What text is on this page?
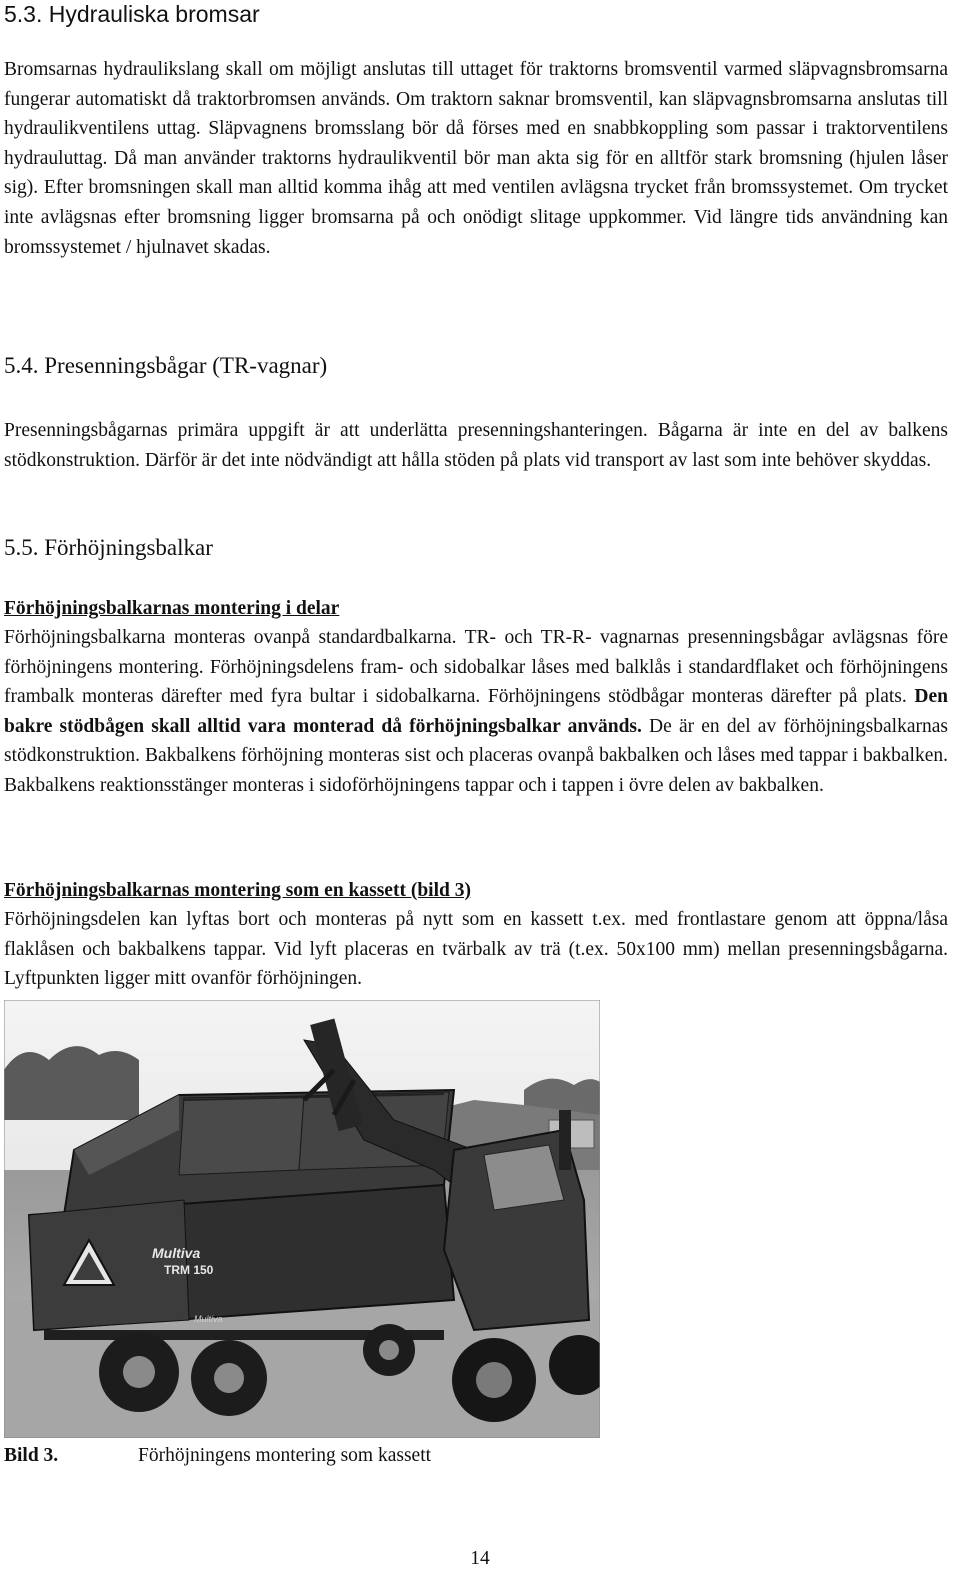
5.3. Hydrauliska bromsar

Bromsarnas hydraulikslang skall om möjligt anslutas till uttaget för traktorns bromsventil varmed släpvagnsbromsarna fungerar automatiskt då traktorbromsen används. Om traktorn saknar bromsventil, kan släpvagnsbromsarna anslutas till hydraulikventilens uttag. Släpvagnens bromsslang bör då förses med en snabbkoppling som passar i traktorventilens hydrauluttag. Då man använder traktorns hydraulikventil bör man akta sig för en alltför stark bromsning (hjulen låser sig). Efter bromsningen skall man alltid komma ihåg att med ventilen avlägsna trycket från bromssystemet. Om trycket inte avlägsnas efter bromsning ligger bromsarna på och onödigt slitage uppkommer. Vid längre tids användning kan bromssystemet / hjulnavet skadas.

5.4. Presenningsbågar (TR-vagnar)

Presenningsbågarnas primära uppgift är att underlätta presenningshanteringen. Bågarna är inte en del av balkens stödkonstruktion. Därför är det inte nödvändigt att hålla stöden på plats vid transport av last som inte behöver skyddas.

5.5. Förhöjningsbalkar
Förhöjningsbalkarnas montering i delar

Förhöjningsbalkarna monteras ovanpå standardbalkarna. TR- och TR-R- vagnarnas presenningsbågar avlägsnas före förhöjningens montering. Förhöjningsdelens fram- och sidobalkar låses med balklås i standardflaket och förhöjningens frambalk monteras därefter med fyra bultar i sidobalkarna. Förhöjningens stödbågar monteras därefter på plats. Den bakre stödbågen skall alltid vara monterad då förhöjningsbalkar används. De är en del av förhöjningsbalkarnas stödkonstruktion. Bakbalkens förhöjning monteras sist och placeras ovanpå bakbalken och låses med tappar i bakbalken. Bakbalkens reaktionsstänger monteras i sidoförhöjningens tappar och i tappen i övre delen av bakbalken.

Förhöjningsbalkarnas montering som en kassett (bild 3)

Förhöjningsdelen kan lyftas bort och monteras på nytt som en kassett t.ex. med frontlastare genom att öppna/låsa flaklåsen och bakbalkens tappar. Vid lyft placeras en tvärbalk av trä (t.ex. 50x100 mm) mellan presenningsbågarna. Lyftpunkten ligger mitt ovanför förhöjningen.

Multiva
TRM 150
Multiva
Bild 3.	Förhöjningens montering som kassett
14
